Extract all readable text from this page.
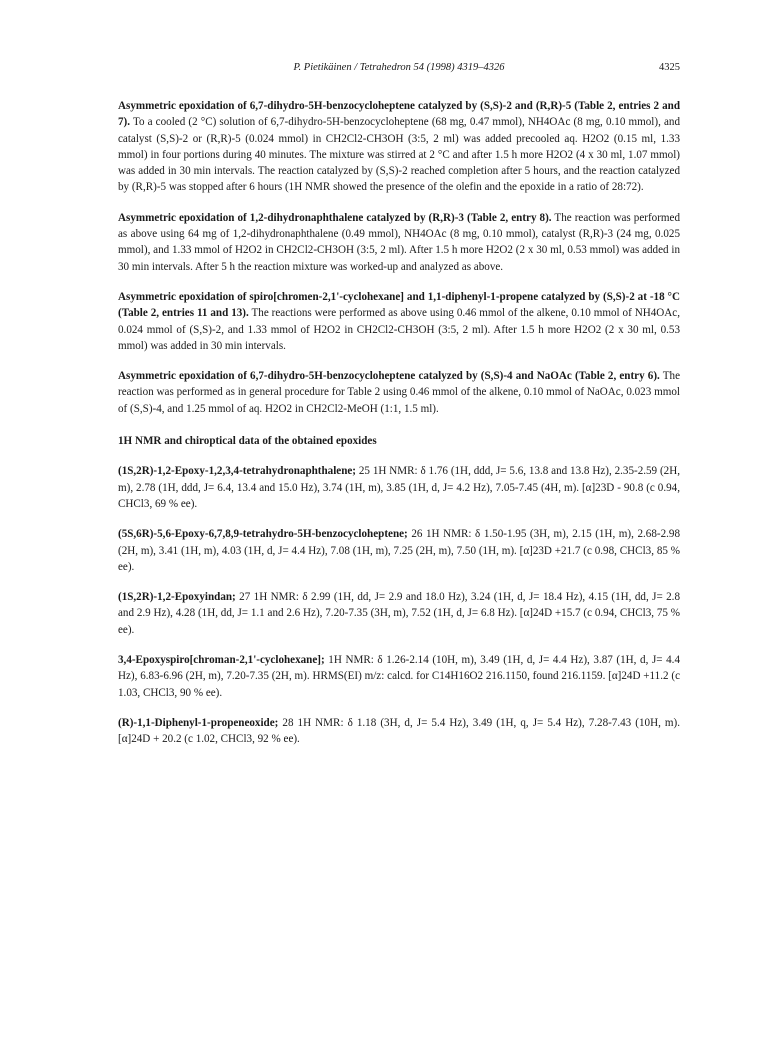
P. Pietikäinen / Tetrahedron 54 (1998) 4319–4326	4325

Asymmetric epoxidation of 6,7-dihydro-5H-benzocycloheptene catalyzed by (S,S)-2 and (R,R)-5 (Table 2, entries 2 and 7). To a cooled (2 °C) solution of 6,7-dihydro-5H-benzocycloheptene (68 mg, 0.47 mmol), NH4OAc (8 mg, 0.10 mmol), and catalyst (S,S)-2 or (R,R)-5 (0.024 mmol) in CH2Cl2-CH3OH (3:5, 2 ml) was added precooled aq. H2O2 (0.15 ml, 1.33 mmol) in four portions during 40 minutes. The mixture was stirred at 2 °C and after 1.5 h more H2O2 (4 x 30 ml, 1.07 mmol) was added in 30 min intervals. The reaction catalyzed by (S,S)-2 reached completion after 5 hours, and the reaction catalyzed by (R,R)-5 was stopped after 6 hours (1H NMR showed the presence of the olefin and the epoxide in a ratio of 28:72).

Asymmetric epoxidation of 1,2-dihydronaphthalene catalyzed by (R,R)-3 (Table 2, entry 8). The reaction was performed as above using 64 mg of 1,2-dihydronaphthalene (0.49 mmol), NH4OAc (8 mg, 0.10 mmol), catalyst (R,R)-3 (24 mg, 0.025 mmol), and 1.33 mmol of H2O2 in CH2Cl2-CH3OH (3:5, 2 ml). After 1.5 h more H2O2 (2 x 30 ml, 0.53 mmol) was added in 30 min intervals. After 5 h the reaction mixture was worked-up and analyzed as above.

Asymmetric epoxidation of spiro[chromen-2,1'-cyclohexane] and 1,1-diphenyl-1-propene catalyzed by (S,S)-2 at -18 °C (Table 2, entries 11 and 13). The reactions were performed as above using 0.46 mmol of the alkene, 0.10 mmol of NH4OAc, 0.024 mmol of (S,S)-2, and 1.33 mmol of H2O2 in CH2Cl2-CH3OH (3:5, 2 ml). After 1.5 h more H2O2 (2 x 30 ml, 0.53 mmol) was added in 30 min intervals.

Asymmetric epoxidation of 6,7-dihydro-5H-benzocycloheptene catalyzed by (S,S)-4 and NaOAc (Table 2, entry 6). The reaction was performed as in general procedure for Table 2 using 0.46 mmol of the alkene, 0.10 mmol of NaOAc, 0.023 mmol of (S,S)-4, and 1.25 mmol of aq. H2O2 in CH2Cl2-MeOH (1:1, 1.5 ml).

1H NMR and chiroptical data of the obtained epoxides

(1S,2R)-1,2-Epoxy-1,2,3,4-tetrahydronaphthalene; 25 1H NMR: δ 1.76 (1H, ddd, J= 5.6, 13.8 and 13.8 Hz), 2.35-2.59 (2H, m), 2.78 (1H, ddd, J= 6.4, 13.4 and 15.0 Hz), 3.74 (1H, m), 3.85 (1H, d, J= 4.2 Hz), 7.05-7.45 (4H, m). [α]23D - 90.8 (c 0.94, CHCl3, 69 % ee).

(5S,6R)-5,6-Epoxy-6,7,8,9-tetrahydro-5H-benzocycloheptene; 26 1H NMR: δ 1.50-1.95 (3H, m), 2.15 (1H, m), 2.68-2.98 (2H, m), 3.41 (1H, m), 4.03 (1H, d, J= 4.4 Hz), 7.08 (1H, m), 7.25 (2H, m), 7.50 (1H, m). [α]23D +21.7 (c 0.98, CHCl3, 85 % ee).

(1S,2R)-1,2-Epoxyindan; 27 1H NMR: δ 2.99 (1H, dd, J= 2.9 and 18.0 Hz), 3.24 (1H, d, J= 18.4 Hz), 4.15 (1H, dd, J= 2.8 and 2.9 Hz), 4.28 (1H, dd, J= 1.1 and 2.6 Hz), 7.20-7.35 (3H, m), 7.52 (1H, d, J= 6.8 Hz). [α]24D +15.7 (c 0.94, CHCl3, 75 % ee).

3,4-Epoxyspiro[chroman-2,1'-cyclohexane]; 1H NMR: δ 1.26-2.14 (10H, m), 3.49 (1H, d, J= 4.4 Hz), 3.87 (1H, d, J= 4.4 Hz), 6.83-6.96 (2H, m), 7.20-7.35 (2H, m). HRMS(EI) m/z: calcd. for C14H16O2 216.1150, found 216.1159. [α]24D +11.2 (c 1.03, CHCl3, 90 % ee).

(R)-1,1-Diphenyl-1-propeneoxide; 28 1H NMR: δ 1.18 (3H, d, J= 5.4 Hz), 3.49 (1H, q, J= 5.4 Hz), 7.28-7.43 (10H, m). [α]24D + 20.2 (c 1.02, CHCl3, 92 % ee).
